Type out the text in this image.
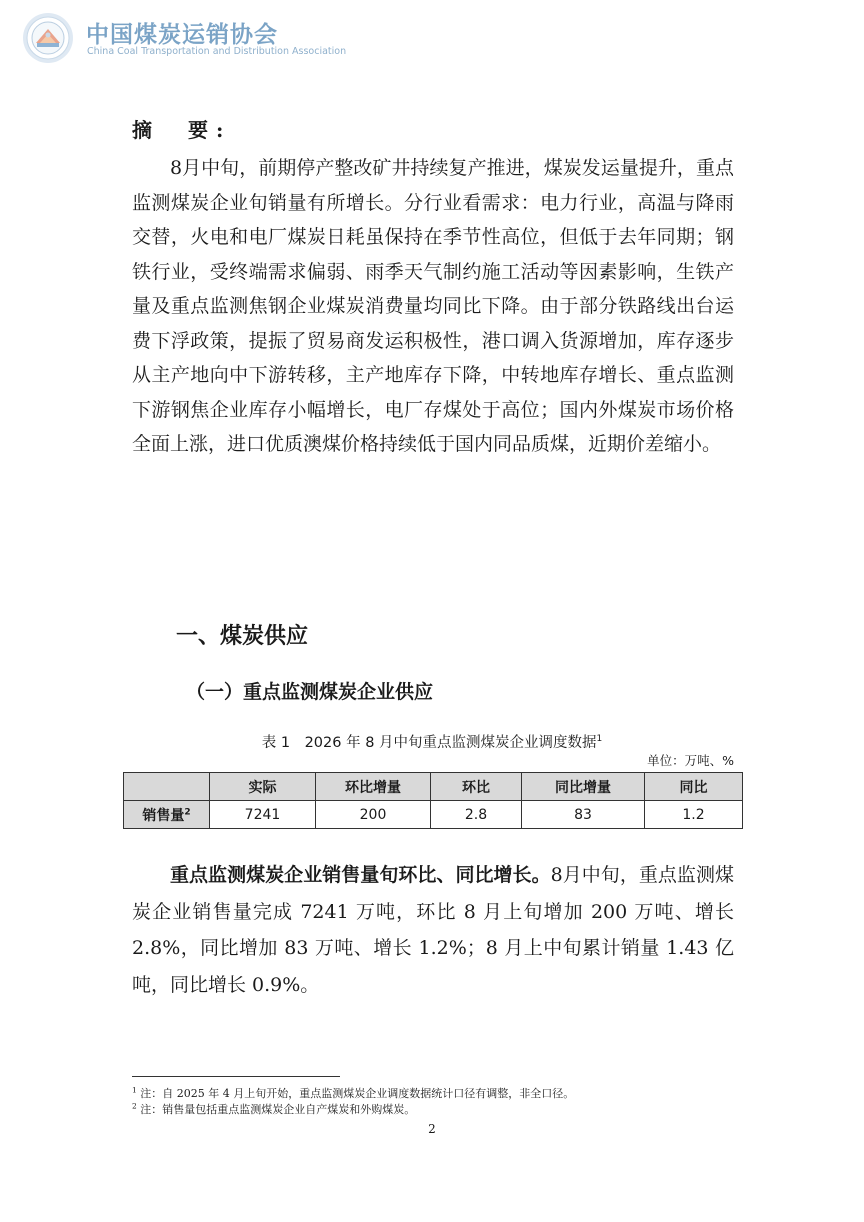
中国煤炭运销协会
China Coal Transportation and Distribution Association
摘　要:

8月中旬，前期停产整改矿井持续复产推进，煤炭发运量提升，重点监测煤炭企业旬销量有所增长。分行业看需求：电力行业，高温与降雨交替，火电和电厂煤炭日耗虽保持在季节性高位，但低于去年同期；钢铁行业，受终端需求偏弱、雨季天气制约施工活动等因素影响，生铁产量及重点监测焦钢企业煤炭消费量均同比下降。由于部分铁路线出台运费下浮政策，提振了贸易商发运积极性，港口调入货源增加，库存逐步从主产地向中下游转移，主产地库存下降，中转地库存增长、重点监测下游钢焦企业库存小幅增长，电厂存煤处于高位；国内外煤炭市场价格全面上涨，进口优质澳煤价格持续低于国内同品质煤，近期价差缩小。

一、煤炭供应
（一）重点监测煤炭企业供应
表 1　2026 年 8 月中旬重点监测煤炭企业调度数据$^1$
单位：万吨、%
	实际	环比增量	环比	同比增量	同比
销售量$^2$	7241	200	2.8	83	1.2

重点监测煤炭企业销售量旬环比、同比增长。8月中旬，重点监测煤炭企业销售量完成 7241 万吨，环比 8 月上旬增加 200 万吨、增长 2.8%，同比增加 83 万吨、增长 1.2%；8 月上中旬累计销量 1.43 亿吨，同比增长 0.9%。

$^1$ 注：自 2025 年 4 月上旬开始，重点监测煤炭企业调度数据统计口径有调整，非全口径。
$^2$ 注：销售量包括重点监测煤炭企业自产煤炭和外购煤炭。
2
